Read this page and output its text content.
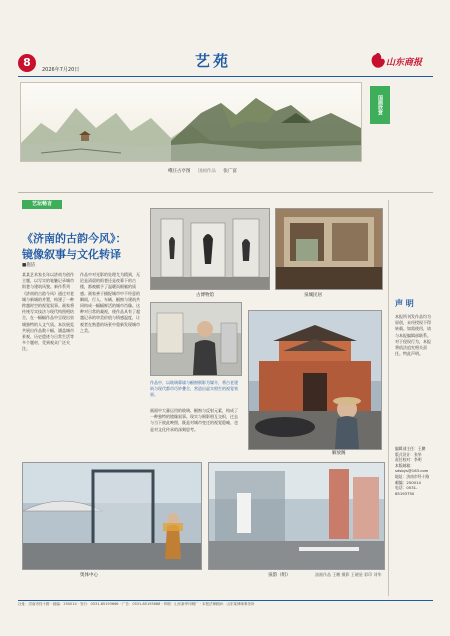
8
2026年7月20日	艺苑	山东商报
峨汪古亭图 国画作品 张广富
国画欣赏
艺坛畅言
《济南的古韵今风》：
镜像叙事与文化转译
■施洁
某某艺术家长年以济南为创作主题，以写实的笔触记录城市街巷与建筑风貌。新作系列《济南的古韵今风》通过对老城与新城的并置，构建了一种跨越时空的视觉叙事。画家将传统写实技法与现代构图相结合，在一幅幅作品中呈现出泉城独特的人文气质。本次展览共展出作品数十幅，涵盖城市景观、历史遗迹与日常生活等多个题材，受到观众广泛关注。
作品中对光影的处理尤为精到，无论是清晨的街巷还是夜幕下的古楼，都被赋予了温暖而细腻的质感。画家善于捕捉城市中不经意的瞬间，行人、车辆、橱窗与建筑共同构成一幅幅鲜活的城市肖像。这种对日常的凝视，使作品具有了超越记录的审美价值与情感温度，让观者在熟悉的场景中重新发现城市之美。
古博物馆	泉城民居
作品中，以玻璃幕墙与橱窗倒影为媒介，将古老建筑与现代都市巧妙叠合，营造出虚实相生的视觉效果。
画面中大量运用的玻璃、橱窗与反射元素，构成了一种独特的镜像叙事。现实与倒影相互交织，过去与当下彼此映照，既是对城市变迁的视觉隐喻，也是对文化传承的深刻思考。
解放阁
奥体中心	泉韵（组）	油画作品 王鹏 摄影 王晓星 彩印 刘华
声 明
本报所刊发作品均为原创，未经授权不得转载。如需使用，请与本报编辑部联系。对于侵权行为，本报将依法追究相关责任。特此声明。
编辑部主任：王鹏
版式设计：张华
责任校对：李明
本版邮箱：
sdsbys@163.com
地址：济南市经十路
邮编：250014
电话：0531-85193750
社址：济南市经十路 · 邮编：250014 · 发行：0531-85193666 · 广告：0531-85193888 · 印刷：山东新华印刷厂 · 本报法律顾问：山东某律师事务所
